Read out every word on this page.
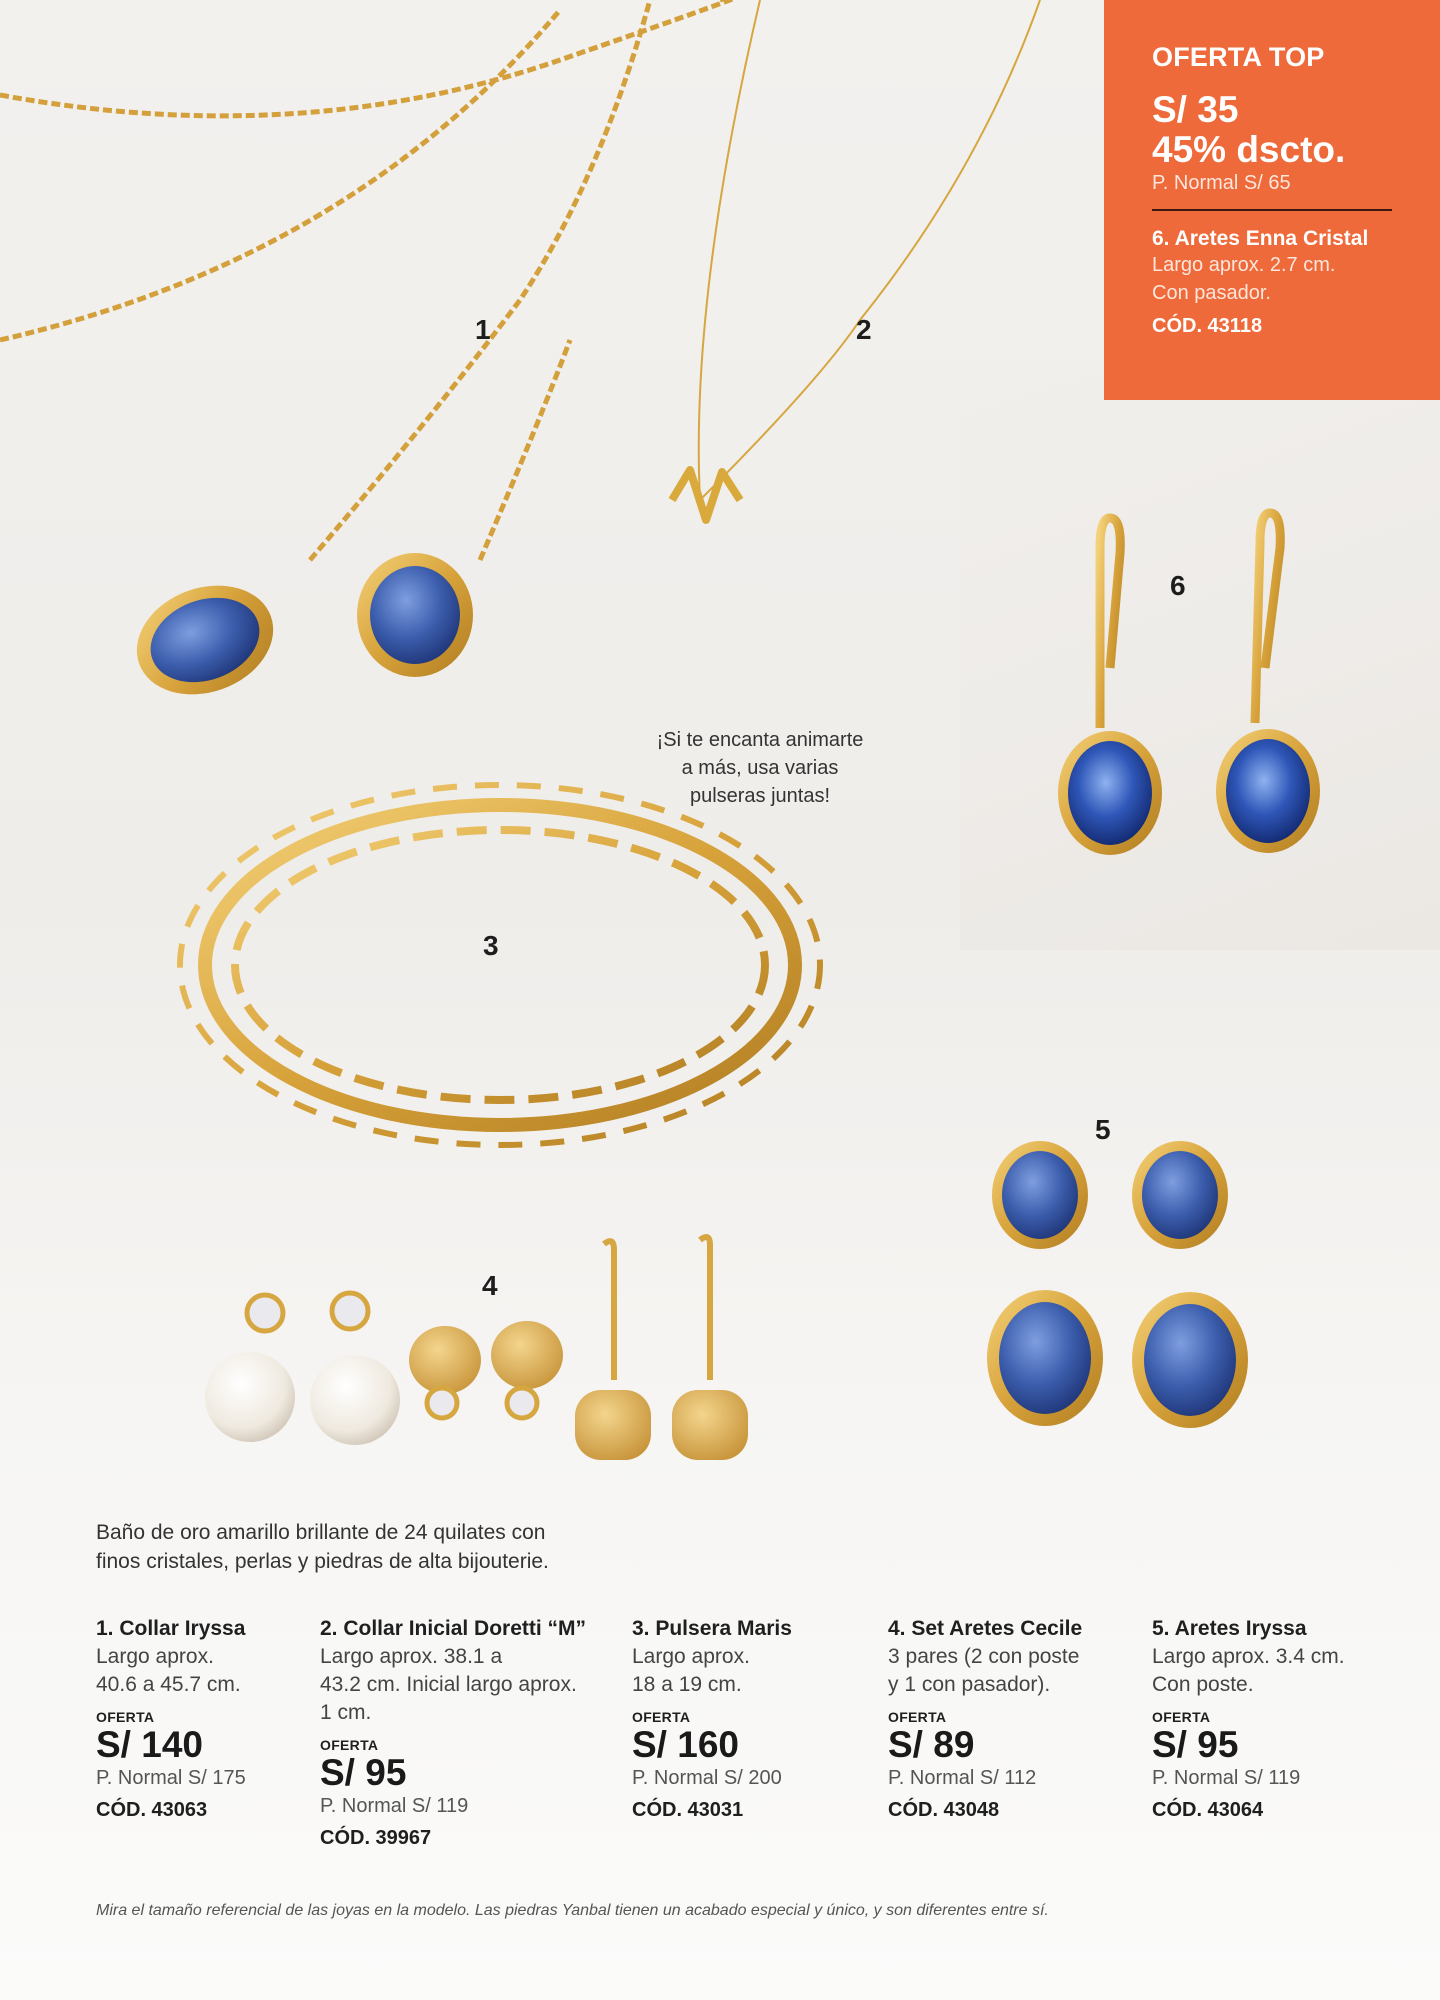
OFERTA TOP
S/ 35
45% dscto.
P. Normal S/ 65
6. Aretes Enna Cristal
Largo aprox. 2.7 cm.
Con pasador.
CÓD. 43118
1	2
3
4
5
6
¡Si te encanta animarte
a más, usa varias
pulseras juntas!
Baño de oro amarillo brillante de 24 quilates con
finos cristales, perlas y piedras de alta bijouterie.
1. Collar Iryssa
Largo aprox.
40.6 a 45.7 cm.
OFERTA
S/ 140
P. Normal S/ 175
CÓD. 43063
2. Collar Inicial Doretti “M”
Largo aprox. 38.1 a
43.2 cm. Inicial largo aprox.
1 cm.
OFERTA
S/ 95
P. Normal S/ 119
CÓD. 39967
3. Pulsera Maris
Largo aprox.
18 a 19 cm.
OFERTA
S/ 160
P. Normal S/ 200
CÓD. 43031
4. Set Aretes Cecile
3 pares (2 con poste
y 1 con pasador).
OFERTA
S/ 89
P. Normal S/ 112
CÓD. 43048
5. Aretes Iryssa
Largo aprox. 3.4 cm.
Con poste.
OFERTA
S/ 95
P. Normal S/ 119
CÓD. 43064
Mira el tamaño referencial de las joyas en la modelo. Las piedras Yanbal tienen un acabado especial y único, y son diferentes entre sí.
